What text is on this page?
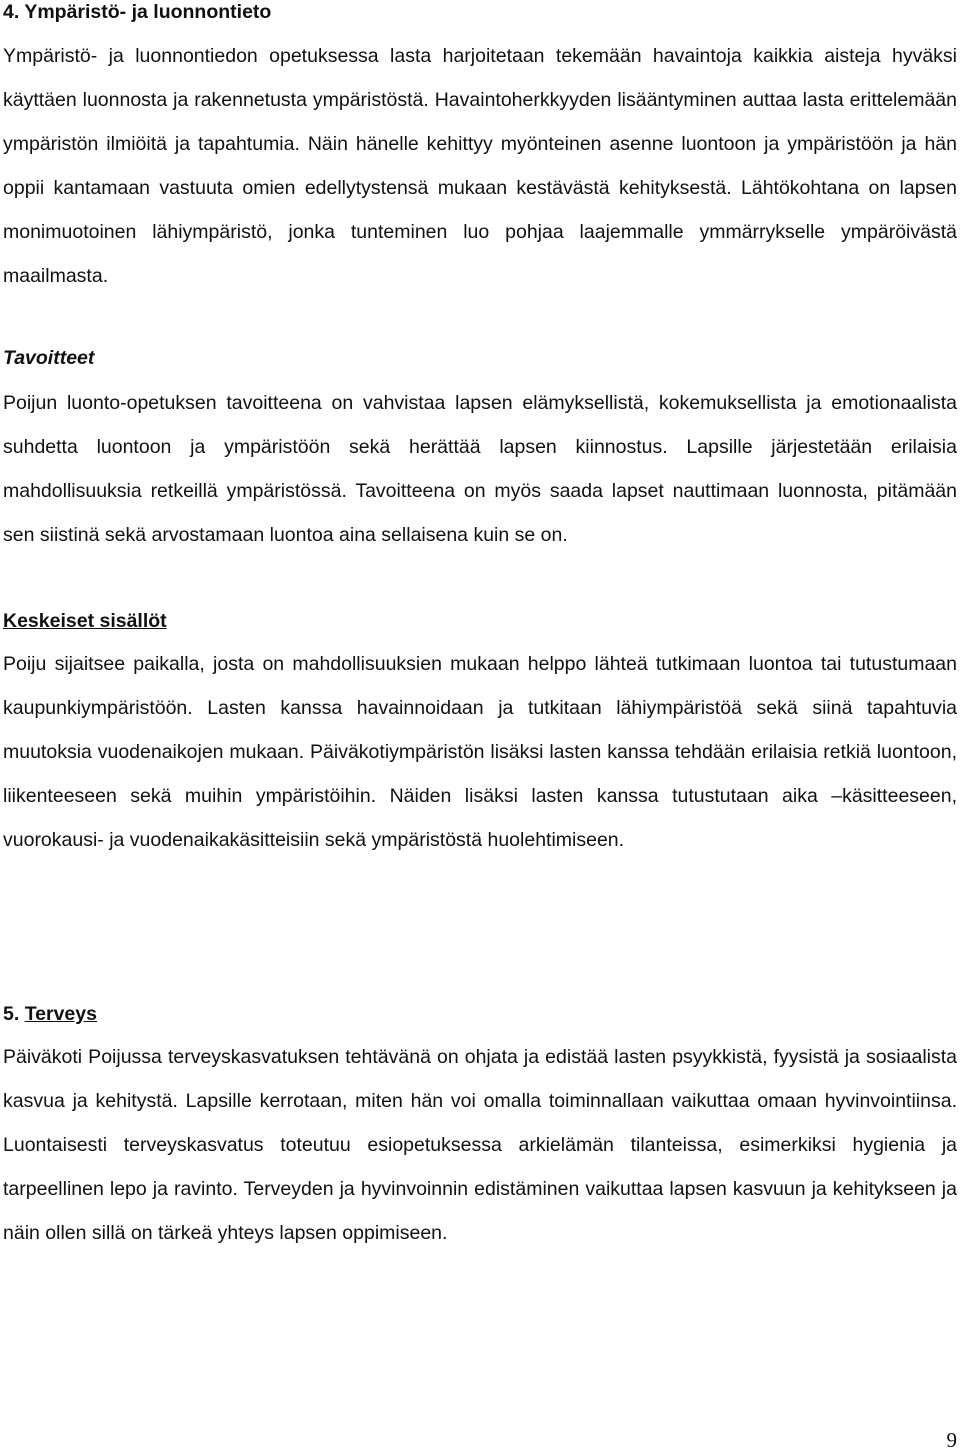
4. Ympäristö- ja luonnontieto

Ympäristö- ja luonnontiedon opetuksessa lasta harjoitetaan tekemään havaintoja kaikkia aisteja hyväksi käyttäen luonnosta ja rakennetusta ympäristöstä. Havaintoherkkyyden lisääntyminen auttaa lasta erittelemään ympäristön ilmiöitä ja tapahtumia. Näin hänelle kehittyy myönteinen asenne luontoon ja ympäristöön ja hän oppii kantamaan vastuuta omien edellytystensä mukaan kestävästä kehityksestä. Lähtökohtana on lapsen monimuotoinen lähiympäristö, jonka tunteminen luo pohjaa laajemmalle ymmärrykselle ympäröivästä maailmasta.

Tavoitteet

Poijun luonto-opetuksen tavoitteena on vahvistaa lapsen elämyksellistä, kokemuksellista ja emotionaalista suhdetta luontoon ja ympäristöön sekä herättää lapsen kiinnostus. Lapsille järjestetään erilaisia mahdollisuuksia retkeillä ympäristössä. Tavoitteena on myös saada lapset nauttimaan luonnosta, pitämään sen siistinä sekä arvostamaan luontoa aina sellaisena kuin se on.

Keskeiset sisällöt

Poiju sijaitsee paikalla, josta on mahdollisuuksien mukaan helppo lähteä tutkimaan luontoa tai tutustumaan kaupunkiympäristöön. Lasten kanssa havainnoidaan ja tutkitaan lähiympäristöä sekä siinä tapahtuvia muutoksia vuodenaikojen mukaan. Päiväkotiympäristön lisäksi lasten kanssa tehdään erilaisia retkiä luontoon, liikenteeseen sekä muihin ympäristöihin. Näiden lisäksi lasten kanssa tutustutaan aika –käsitteeseen, vuorokausi- ja vuodenaikakäsitteisiin sekä ympäristöstä huolehtimiseen.

5. Terveys

Päiväkoti Poijussa terveyskasvatuksen tehtävänä on ohjata ja edistää lasten psyykkistä, fyysistä ja sosiaalista kasvua ja kehitystä. Lapsille kerrotaan, miten hän voi omalla toiminnallaan vaikuttaa omaan hyvinvointiinsa. Luontaisesti terveyskasvatus toteutuu esiopetuksessa arkielämän tilanteissa, esimerkiksi hygienia ja tarpeellinen lepo ja ravinto. Terveyden ja hyvinvoinnin edistäminen vaikuttaa lapsen kasvuun ja kehitykseen ja näin ollen sillä on tärkeä yhteys lapsen oppimiseen.

9
